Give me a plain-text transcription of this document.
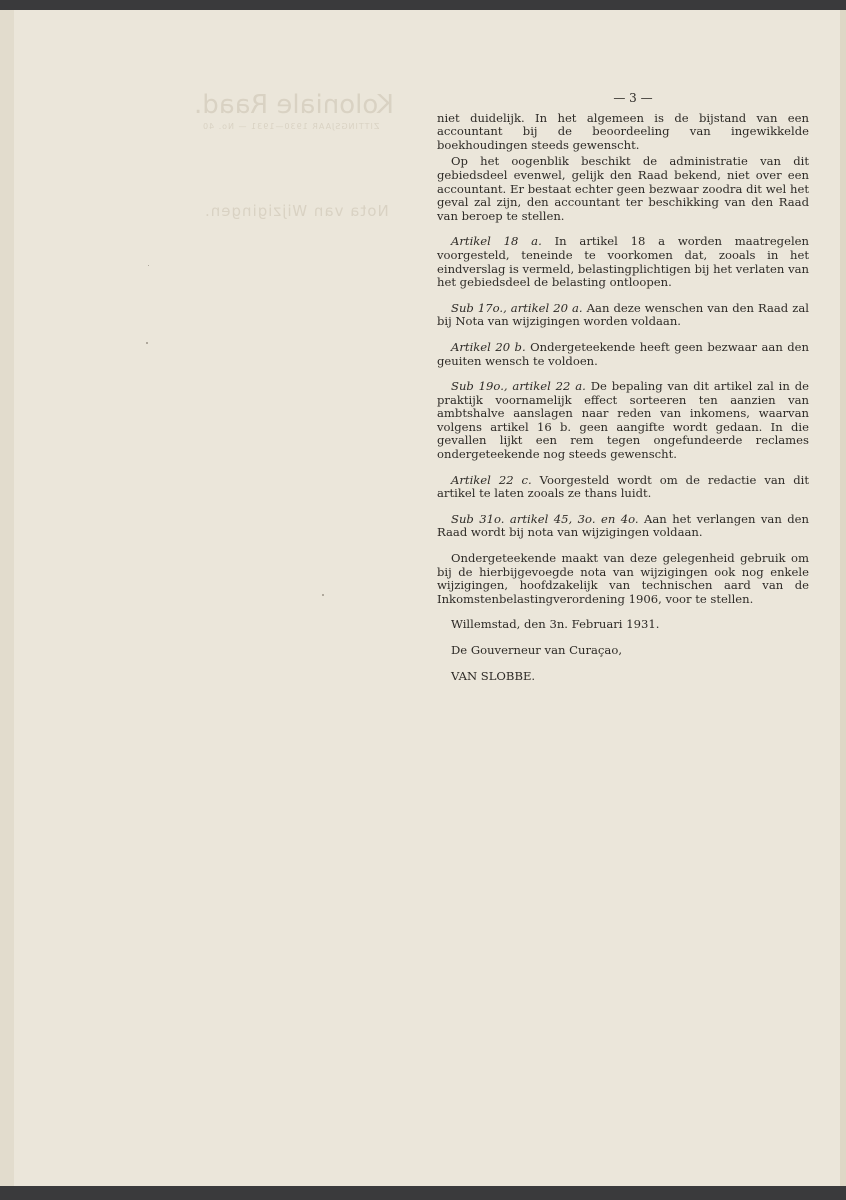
Koloniale Raad.
ZITTINGSJAAR 1930—1931 — No. 40
Nota van Wijzigingen.
— 3 —

niet duidelijk. In het algemeen is de bijstand van een accountant bij de beoordeeling van ingewikkelde boekhoudingen steeds gewenscht.

Op het oogenblik beschikt de administratie van dit gebiedsdeel evenwel, gelijk den Raad bekend, niet over een accountant. Er bestaat echter geen bezwaar zoodra dit wel het geval zal zijn, den accountant ter beschikking van den Raad van beroep te stellen.

Artikel 18 a. In artikel 18 a worden maatregelen voorgesteld, teneinde te voorkomen dat, zooals in het eindverslag is vermeld, belastingplichtigen bij het verlaten van het gebiedsdeel de belasting ontloopen.

Sub 17o., artikel 20 a. Aan deze wenschen van den Raad zal bij Nota van wijzigingen worden voldaan.

Artikel 20 b. Ondergeteekende heeft geen bezwaar aan den geuiten wensch te voldoen.

Sub 19o., artikel 22 a. De bepaling van dit artikel zal in de praktijk voornamelijk effect sorteeren ten aanzien van ambtshalve aanslagen naar reden van inkomens, waarvan volgens artikel 16 b. geen aangifte wordt gedaan. In die gevallen lijkt een rem tegen ongefundeerde reclames ondergeteekende nog steeds gewenscht.

Artikel 22 c. Voorgesteld wordt om de redactie van dit artikel te laten zooals ze thans luidt.

Sub 31o. artikel 45, 3o. en 4o. Aan het verlangen van den Raad wordt bij nota van wijzigingen voldaan.

Ondergeteekende maakt van deze gelegenheid gebruik om bij de hierbijgevoegde nota van wijzigingen ook nog enkele wijzigingen, hoofdzakelijk van technischen aard van de Inkomstenbelastingverordening 1906, voor te stellen.

Willemstad, den 3n. Februari 1931.

De Gouverneur van Curaçao,

VAN SLOBBE.
